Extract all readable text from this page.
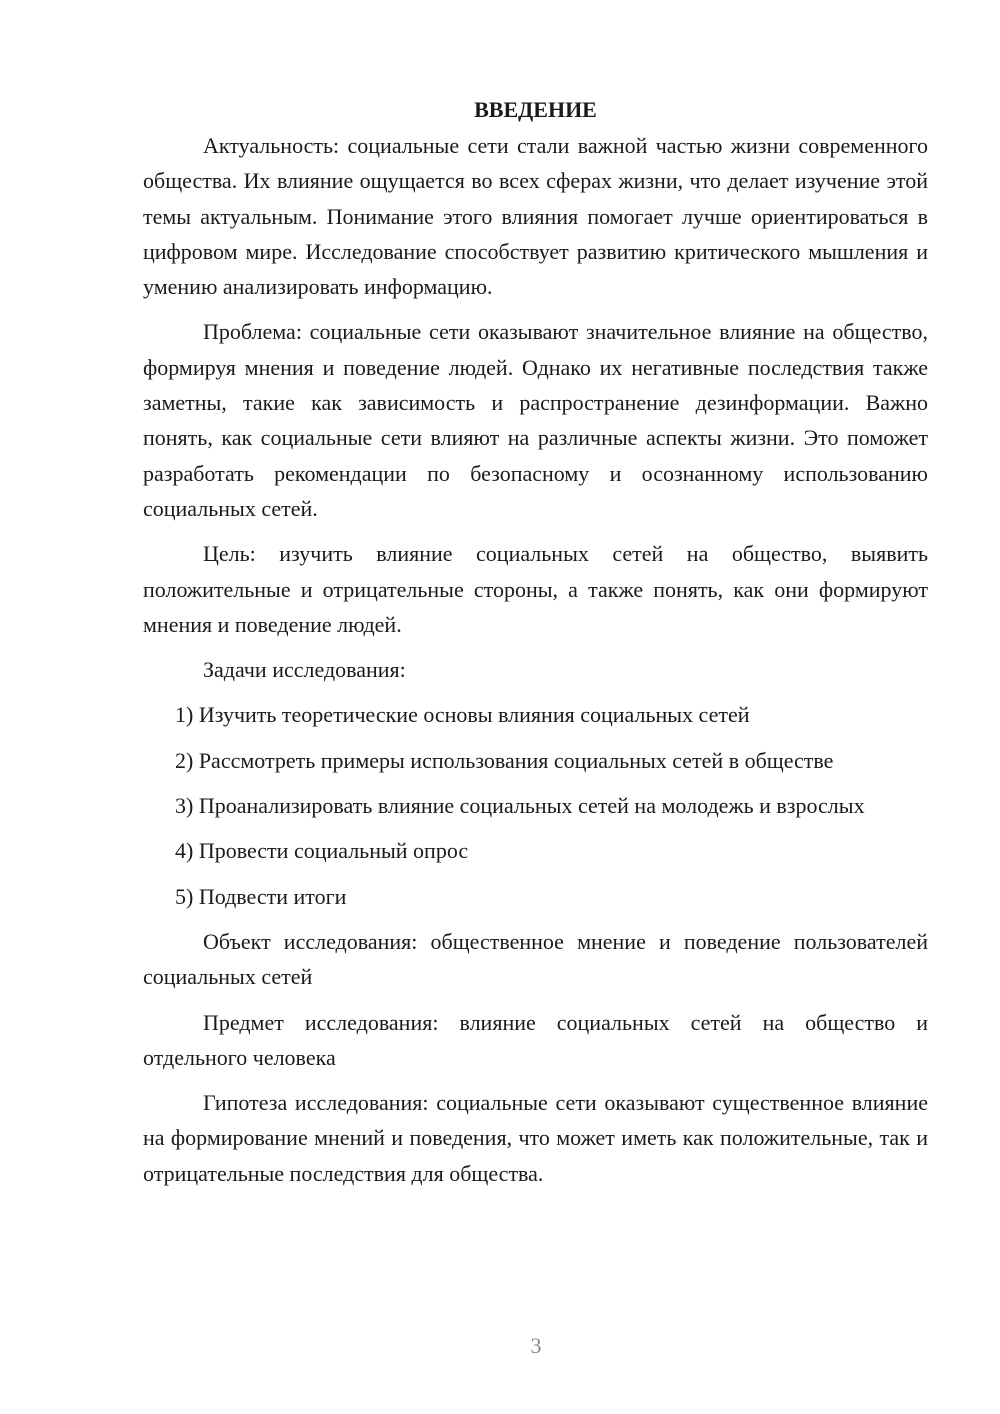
ВВЕДЕНИЕ

Актуальность: социальные сети стали важной частью жизни современного общества. Их влияние ощущается во всех сферах жизни, что делает изучение этой темы актуальным. Понимание этого влияния помогает лучше ориентироваться в цифровом мире. Исследование способствует развитию критического мышления и умению анализировать информацию.

Проблема: социальные сети оказывают значительное влияние на общество, формируя мнения и поведение людей. Однако их негативные последствия также заметны, такие как зависимость и распространение дезинформации. Важно понять, как социальные сети влияют на различные аспекты жизни. Это поможет разработать рекомендации по безопасному и осознанному использованию социальных сетей.

Цель: изучить влияние социальных сетей на общество, выявить положительные и отрицательные стороны, а также понять, как они формируют мнения и поведение людей.

Задачи исследования:

1) Изучить теоретические основы влияния социальных сетей

2) Рассмотреть примеры использования социальных сетей в обществе

3) Проанализировать влияние социальных сетей на молодежь и взрослых

4) Провести социальный опрос

5) Подвести итоги

Объект исследования: общественное мнение и поведение пользователей социальных сетей

Предмет исследования: влияние социальных сетей на общество и отдельного человека

Гипотеза исследования: социальные сети оказывают существенное влияние на формирование мнений и поведения, что может иметь как положительные, так и отрицательные последствия для общества.

3
